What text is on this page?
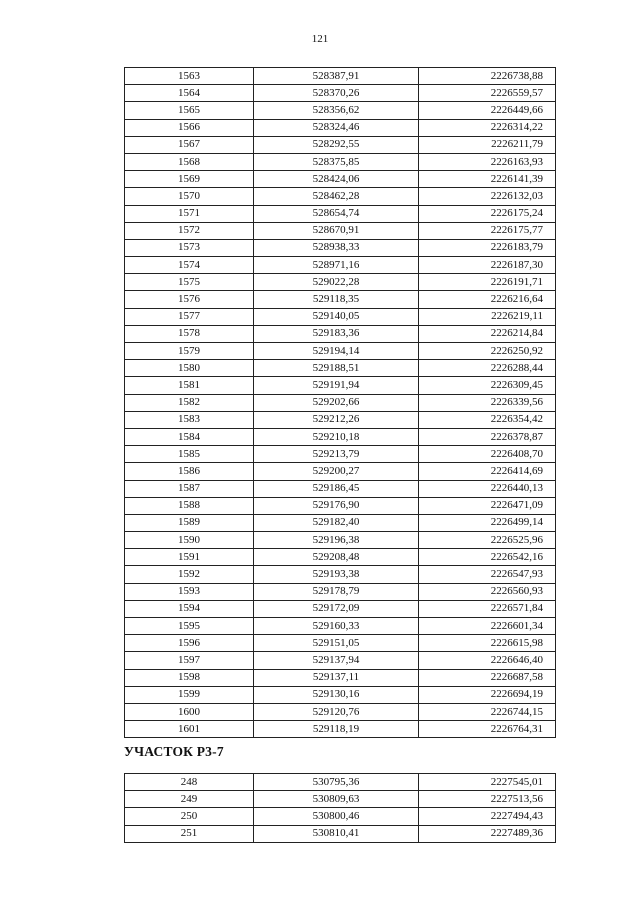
121
1563	528387,91	2226738,88
1564	528370,26	2226559,57
1565	528356,62	2226449,66
1566	528324,46	2226314,22
1567	528292,55	2226211,79
1568	528375,85	2226163,93
1569	528424,06	2226141,39
1570	528462,28	2226132,03
1571	528654,74	2226175,24
1572	528670,91	2226175,77
1573	528938,33	2226183,79
1574	528971,16	2226187,30
1575	529022,28	2226191,71
1576	529118,35	2226216,64
1577	529140,05	2226219,11
1578	529183,36	2226214,84
1579	529194,14	2226250,92
1580	529188,51	2226288,44
1581	529191,94	2226309,45
1582	529202,66	2226339,56
1583	529212,26	2226354,42
1584	529210,18	2226378,87
1585	529213,79	2226408,70
1586	529200,27	2226414,69
1587	529186,45	2226440,13
1588	529176,90	2226471,09
1589	529182,40	2226499,14
1590	529196,38	2226525,96
1591	529208,48	2226542,16
1592	529193,38	2226547,93
1593	529178,79	2226560,93
1594	529172,09	2226571,84
1595	529160,33	2226601,34
1596	529151,05	2226615,98
1597	529137,94	2226646,40
1598	529137,11	2226687,58
1599	529130,16	2226694,19
1600	529120,76	2226744,15
1601	529118,19	2226764,31
УЧАСТОК Р3-7
248	530795,36	2227545,01
249	530809,63	2227513,56
250	530800,46	2227494,43
251	530810,41	2227489,36
